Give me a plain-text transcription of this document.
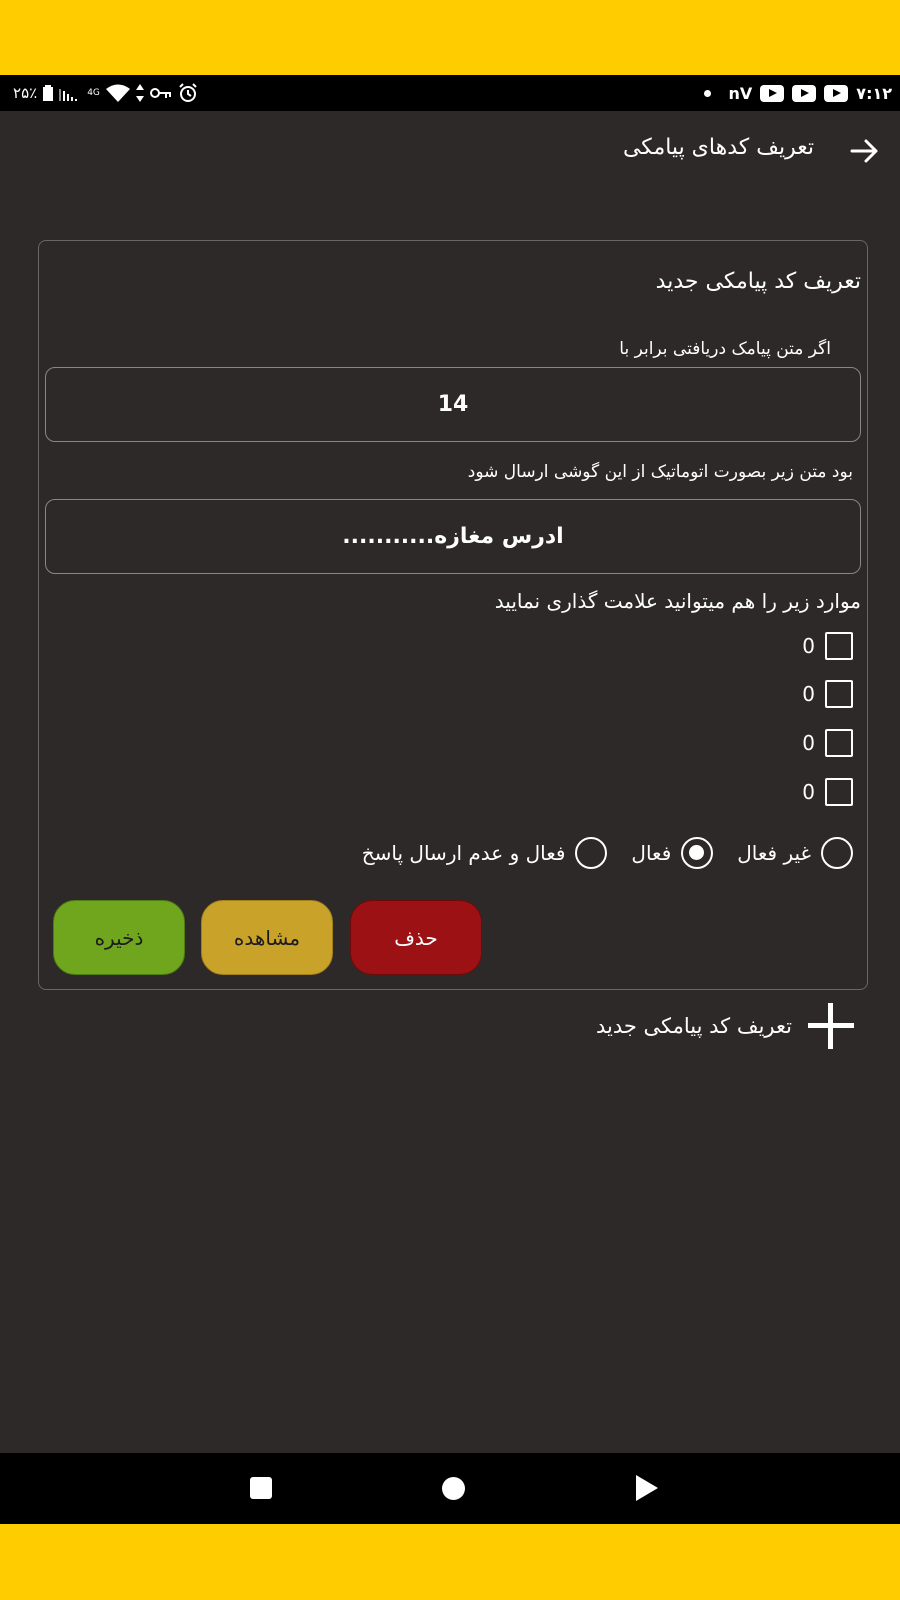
٢۵٪	4G	nV	٧:١٢
تعریف کدهای پیامکی
تعریف کد پیامکی جدید
اگر متن پیامک دریافتی برابر با
14
بود متن زیر بصورت اتوماتیک از این گوشی ارسال شود
ادرس مغازه...........
موارد زیر را هم میتوانید علامت گذاری نمایید
0
0
0
0
غیر فعال
فعال
فعال و عدم ارسال پاسخ
ذخیره	مشاهده	حذف
تعریف کد پیامکی جدید
